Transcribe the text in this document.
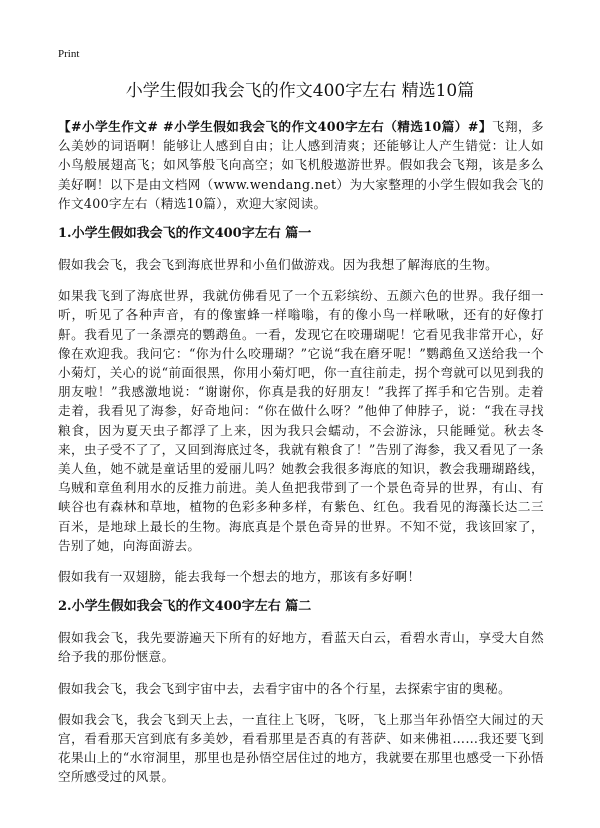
Print
小学生假如我会飞的作文400字左右 精选10篇

【#小学生作文# #小学生假如我会飞的作文400字左右（精选10篇）#】飞翔，多么美妙的词语啊！能够让人感到自由；让人感到清爽；还能够让人产生错觉：让人如小鸟般展翅高飞；如风筝般飞向高空；如飞机般遨游世界。假如我会飞翔，该是多么美好啊！以下是由文档网（www.wendang.net）为大家整理的小学生假如我会飞的作文400字左右（精选10篇），欢迎大家阅读。

1.小学生假如我会飞的作文400字左右 篇一

假如我会飞，我会飞到海底世界和小鱼们做游戏。因为我想了解海底的生物。

如果我飞到了海底世界，我就仿佛看见了一个五彩缤纷、五颜六色的世界。我仔细一听，听见了各种声音，有的像蜜蜂一样嗡嗡，有的像小鸟一样啾啾，还有的好像打鼾。我看见了一条漂亮的鹦鹉鱼。一看，发现它在咬珊瑚呢！它看见我非常开心，好像在欢迎我。我问它：“你为什么咬珊瑚？”它说“我在磨牙呢！”鹦鹉鱼又送给我一个小菊灯，关心的说“前面很黑，你用小菊灯吧，你一直往前走，拐个弯就可以见到我的朋友啦！”我感激地说：“谢谢你，你真是我的好朋友！”我挥了挥手和它告别。走着走着，我看见了海参，好奇地问：“你在做什么呀？”他伸了伸脖子，说：“我在寻找粮食，因为夏天虫子都浮了上来，因为我只会蠕动，不会游泳，只能睡觉。秋去冬来，虫子受不了了，又回到海底过冬，我就有粮食了！”告别了海参，我又看见了一条美人鱼，她不就是童话里的爱丽儿吗？她教会我很多海底的知识，教会我珊瑚路线，乌贼和章鱼利用水的反推力前进。美人鱼把我带到了一个景色奇异的世界，有山、有峡谷也有森林和草地，植物的色彩多种多样，有紫色、红色。我看见的海藻长达二三百米，是地球上最长的生物。海底真是个景色奇异的世界。不知不觉，我该回家了，告别了她，向海面游去。

假如我有一双翅膀，能去我每一个想去的地方，那该有多好啊！

2.小学生假如我会飞的作文400字左右 篇二

假如我会飞，我先要游遍天下所有的好地方，看蓝天白云，看碧水青山，享受大自然给予我的那份惬意。

假如我会飞，我会飞到宇宙中去，去看宇宙中的各个行星，去探索宇宙的奥秘。

假如我会飞，我会飞到天上去，一直往上飞呀，飞呀，飞上那当年孙悟空大闹过的天宫，看看那天宫到底有多美妙，看看那里是否真的有菩萨、如来佛祖……我还要飞到花果山上的“水帘洞里，那里也是孙悟空居住过的地方，我就要在那里也感受一下孙悟空所感受过的风景。
